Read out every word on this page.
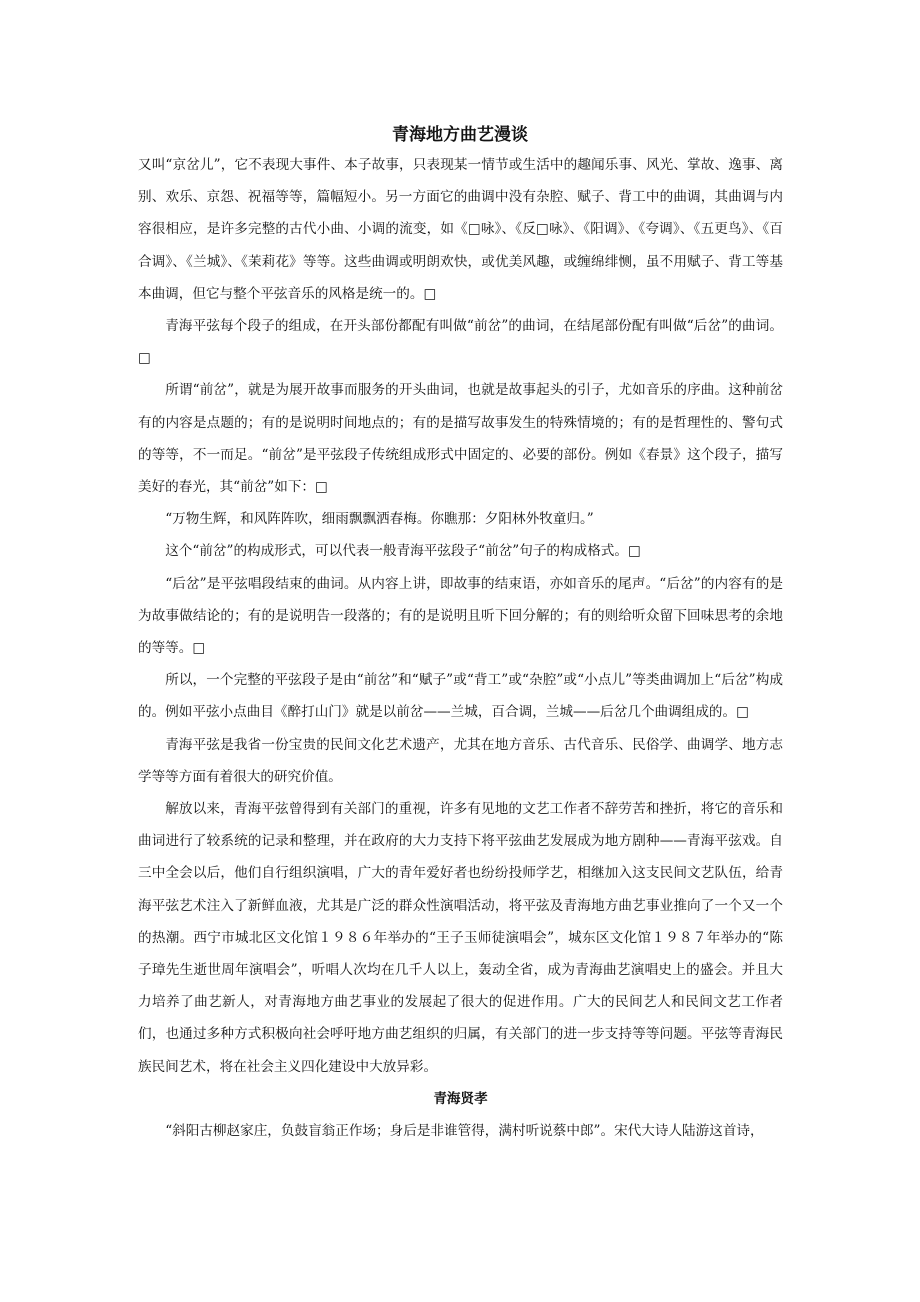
青海地方曲艺漫谈

又叫“京岔儿”，它不表现大事件、本子故事，只表现某一情节或生活中的趣闻乐事、风光、掌故、逸事、离别、欢乐、京怨、祝福等等，篇幅短小。另一方面它的曲调中没有杂腔、赋子、背工中的曲调，其曲调与内容很相应，是许多完整的古代小曲、小调的流变，如《□咏》、《反□咏》、《阳调》、《夸调》、《五更鸟》、《百合调》、《兰城》、《茉莉花》等等。这些曲调或明朗欢快，或优美风趣，或缠绵绯恻，虽不用赋子、背工等基本曲调，但它与整个平弦音乐的风格是统一的。□

青海平弦每个段子的组成，在开头部份都配有叫做“前岔”的曲词，在结尾部份配有叫做“后岔”的曲词。□

所谓“前岔”，就是为展开故事而服务的开头曲词，也就是故事起头的引子，尤如音乐的序曲。这种前岔有的内容是点题的；有的是说明时间地点的；有的是描写故事发生的特殊情境的；有的是哲理性的、警句式的等等，不一而足。“前岔”是平弦段子传统组成形式中固定的、必要的部份。例如《春景》这个段子，描写美好的春光，其“前岔”如下：□

“万物生辉，和风阵阵吹，细雨飘飘洒春梅。你瞧那：夕阳林外牧童归。”

这个“前岔”的构成形式，可以代表一般青海平弦段子“前岔”句子的构成格式。□

“后岔”是平弦唱段结束的曲词。从内容上讲，即故事的结束语，亦如音乐的尾声。“后岔”的内容有的是为故事做结论的；有的是说明告一段落的；有的是说明且听下回分解的；有的则给听众留下回味思考的余地的等等。□

所以，一个完整的平弦段子是由“前岔”和“赋子”或“背工”或“杂腔”或“小点儿”等类曲调加上“后岔”构成的。例如平弦小点曲目《醉打山门》就是以前岔——兰城，百合调，兰城——后岔几个曲调组成的。□

青海平弦是我省一份宝贵的民间文化艺术遗产，尤其在地方音乐、古代音乐、民俗学、曲调学、地方志学等等方面有着很大的研究价值。

解放以来，青海平弦曾得到有关部门的重视，许多有见地的文艺工作者不辞劳苦和挫折，将它的音乐和曲词进行了较系统的记录和整理，并在政府的大力支持下将平弦曲艺发展成为地方剧种——青海平弦戏。自三中全会以后，他们自行组织演唱，广大的青年爱好者也纷纷投师学艺，相继加入这支民间文艺队伍，给青海平弦艺术注入了新鲜血液，尤其是广泛的群众性演唱活动，将平弦及青海地方曲艺事业推向了一个又一个的热潮。西宁市城北区文化馆１９８６年举办的“王子玉师徒演唱会”，城东区文化馆１９８７年举办的“陈子璋先生逝世周年演唱会”，听唱人次均在几千人以上，轰动全省，成为青海曲艺演唱史上的盛会。并且大力培养了曲艺新人，对青海地方曲艺事业的发展起了很大的促进作用。广大的民间艺人和民间文艺工作者们，也通过多种方式积极向社会呼吁地方曲艺组织的归属，有关部门的进一步支持等等问题。平弦等青海民族民间艺术，将在社会主义四化建设中大放异彩。

青海贤孝

“斜阳古柳赵家庄，负鼓盲翁正作场；身后是非谁管得，满村听说蔡中郎”。宋代大诗人陆游这首诗，
